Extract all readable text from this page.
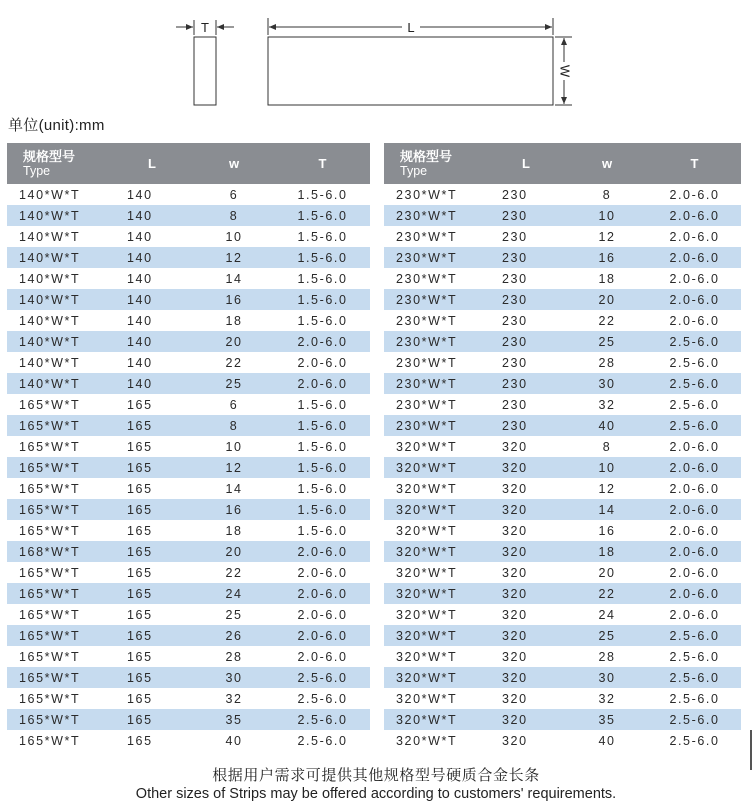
T	L
W
单位(unit):mm
规格型号
Type	L	w	T
140*W*T	140	6	1.5-6.0
140*W*T	140	8	1.5-6.0
140*W*T	140	10	1.5-6.0
140*W*T	140	12	1.5-6.0
140*W*T	140	14	1.5-6.0
140*W*T	140	16	1.5-6.0
140*W*T	140	18	1.5-6.0
140*W*T	140	20	2.0-6.0
140*W*T	140	22	2.0-6.0
140*W*T	140	25	2.0-6.0
165*W*T	165	6	1.5-6.0
165*W*T	165	8	1.5-6.0
165*W*T	165	10	1.5-6.0
165*W*T	165	12	1.5-6.0
165*W*T	165	14	1.5-6.0
165*W*T	165	16	1.5-6.0
165*W*T	165	18	1.5-6.0
168*W*T	165	20	2.0-6.0
165*W*T	165	22	2.0-6.0
165*W*T	165	24	2.0-6.0
165*W*T	165	25	2.0-6.0
165*W*T	165	26	2.0-6.0
165*W*T	165	28	2.0-6.0
165*W*T	165	30	2.5-6.0
165*W*T	165	32	2.5-6.0
165*W*T	165	35	2.5-6.0
165*W*T	165	40	2.5-6.0
规格型号
Type	L	w	T
230*W*T	230	8	2.0-6.0
230*W*T	230	10	2.0-6.0
230*W*T	230	12	2.0-6.0
230*W*T	230	16	2.0-6.0
230*W*T	230	18	2.0-6.0
230*W*T	230	20	2.0-6.0
230*W*T	230	22	2.0-6.0
230*W*T	230	25	2.5-6.0
230*W*T	230	28	2.5-6.0
230*W*T	230	30	2.5-6.0
230*W*T	230	32	2.5-6.0
230*W*T	230	40	2.5-6.0
320*W*T	320	8	2.0-6.0
320*W*T	320	10	2.0-6.0
320*W*T	320	12	2.0-6.0
320*W*T	320	14	2.0-6.0
320*W*T	320	16	2.0-6.0
320*W*T	320	18	2.0-6.0
320*W*T	320	20	2.0-6.0
320*W*T	320	22	2.0-6.0
320*W*T	320	24	2.0-6.0
320*W*T	320	25	2.5-6.0
320*W*T	320	28	2.5-6.0
320*W*T	320	30	2.5-6.0
320*W*T	320	32	2.5-6.0
320*W*T	320	35	2.5-6.0
320*W*T	320	40	2.5-6.0
根据用户需求可提供其他规格型号硬质合金长条
Other sizes of Strips may be offered according to customers' requirements.
